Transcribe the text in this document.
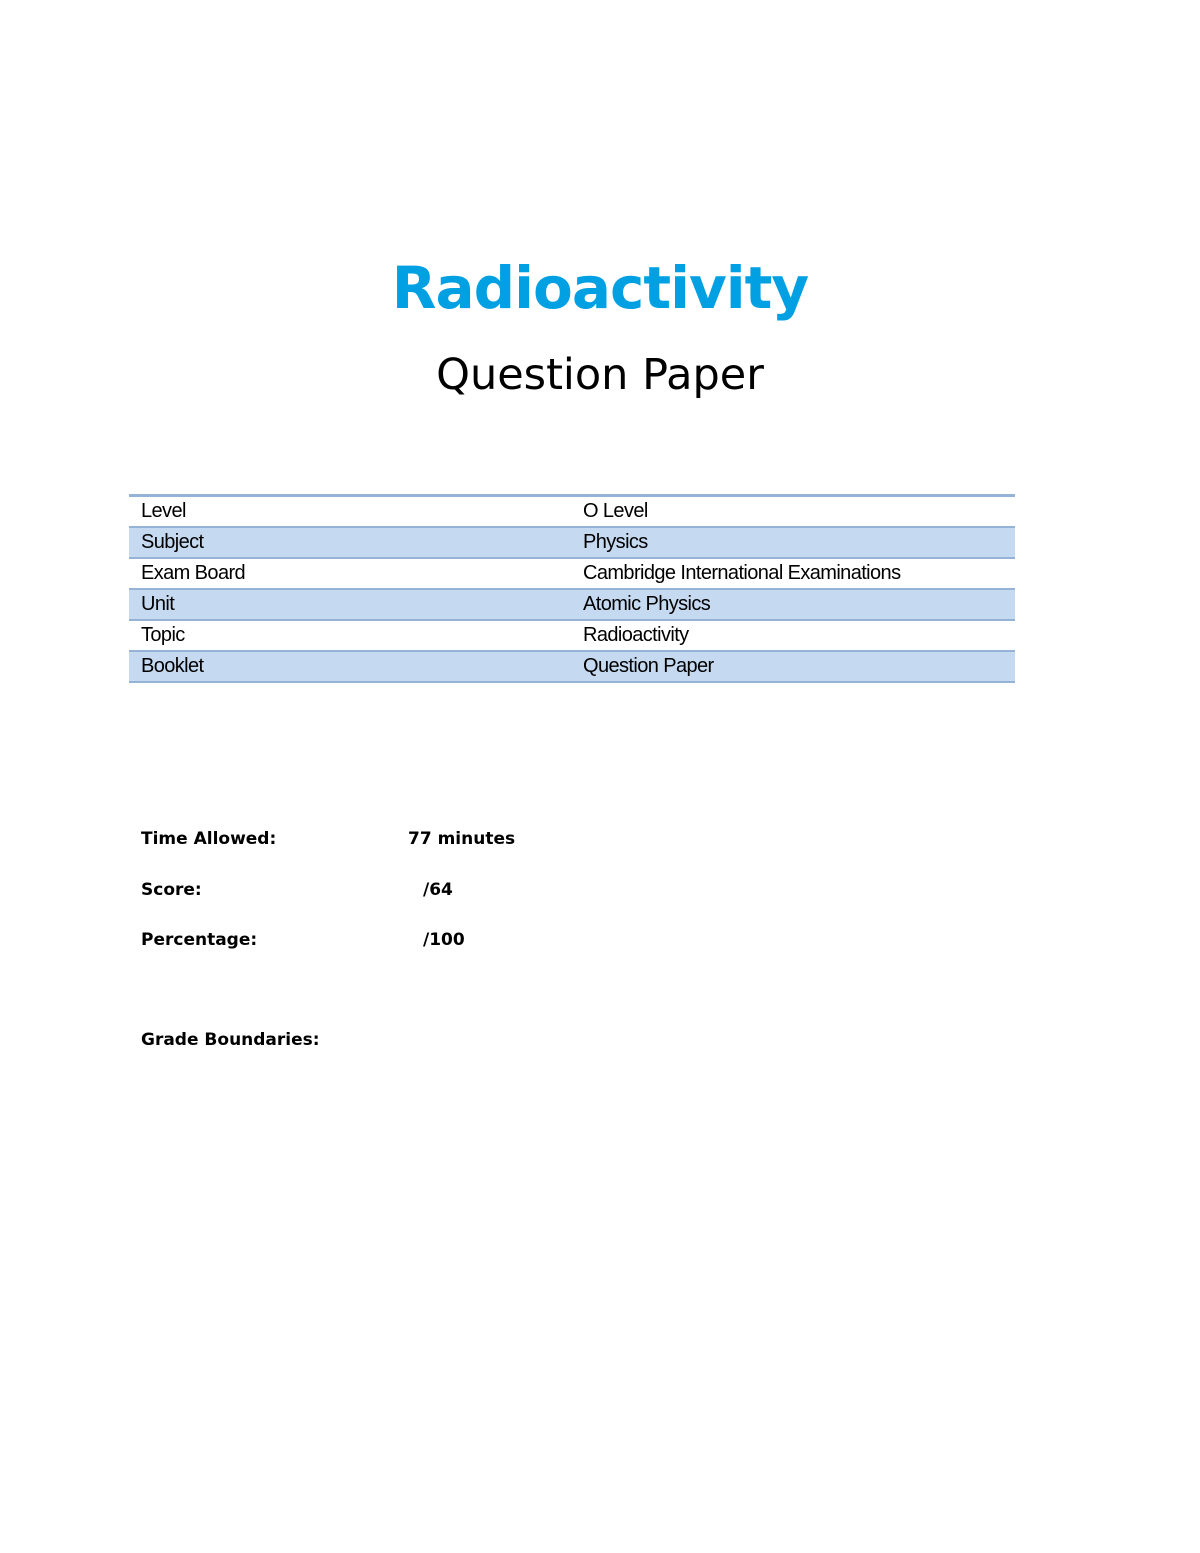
Radioactivity
Question Paper
Level	O Level
Subject	Physics
Exam Board	Cambridge International Examinations
Unit	Atomic Physics
Topic	Radioactivity
Booklet	Question Paper
Time Allowed:	77 minutes
Score:	/64
Percentage:	/100
Grade Boundaries:
